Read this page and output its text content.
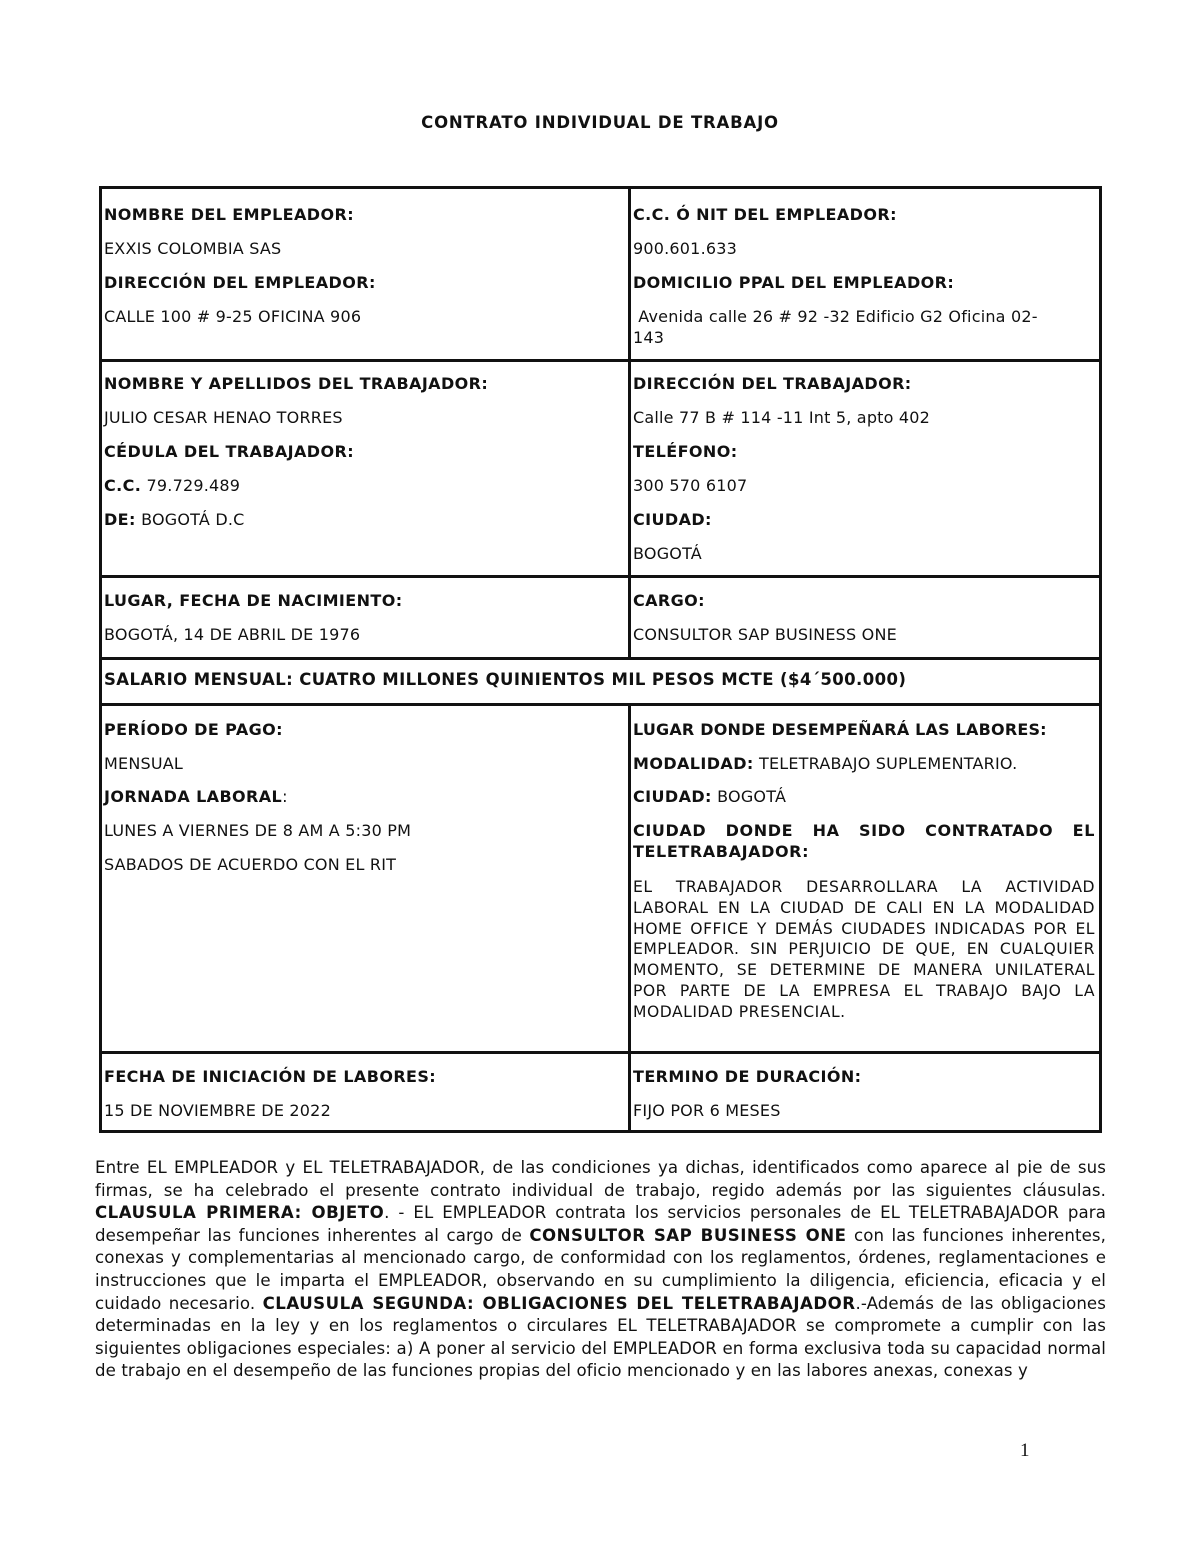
CONTRATO INDIVIDUAL DE TRABAJO
NOMBRE DEL EMPLEADOR:
EXXIS COLOMBIA SAS
DIRECCIÓN DEL EMPLEADOR:
CALLE 100 # 9-25 OFICINA 906
C.C. Ó NIT DEL EMPLEADOR:
900.601.633
DOMICILIO PPAL DEL EMPLEADOR:
Avenida calle 26 # 92 -32 Edificio G2 Oficina 02-
143
NOMBRE Y APELLIDOS DEL TRABAJADOR:
JULIO CESAR HENAO TORRES
CÉDULA DEL TRABAJADOR:
C.C. 79.729.489
DE: BOGOTÁ D.C
DIRECCIÓN DEL TRABAJADOR:
Calle 77 B # 114 -11 Int 5, apto 402
TELÉFONO:
300 570 6107
CIUDAD:
BOGOTÁ
LUGAR, FECHA DE NACIMIENTO:
BOGOTÁ, 14 DE ABRIL DE 1976
CARGO:
CONSULTOR SAP BUSINESS ONE
SALARIO MENSUAL: CUATRO MILLONES QUINIENTOS MIL PESOS MCTE ($4´500.000)
PERÍODO DE PAGO:
MENSUAL
JORNADA LABORAL:
LUNES A VIERNES DE 8 AM A 5:30 PM
SABADOS DE ACUERDO CON EL RIT
LUGAR DONDE DESEMPEÑARÁ LAS LABORES:
MODALIDAD: TELETRABAJO SUPLEMENTARIO.
CIUDAD: BOGOTÁ
CIUDAD DONDE HA SIDO CONTRATADO EL TELETRABAJADOR:
EL TRABAJADOR DESARROLLARA LA ACTIVIDAD LABORAL EN LA CIUDAD DE CALI EN LA MODALIDAD HOME OFFICE Y DEMÁS CIUDADES INDICADAS POR EL EMPLEADOR. SIN PERJUICIO DE QUE, EN CUALQUIER MOMENTO, SE DETERMINE DE MANERA UNILATERAL POR PARTE DE LA EMPRESA EL TRABAJO BAJO LA MODALIDAD PRESENCIAL.
FECHA DE INICIACIÓN DE LABORES:
15 DE NOVIEMBRE DE 2022
TERMINO DE DURACIÓN:
FIJO POR 6 MESES
Entre EL EMPLEADOR y EL TELETRABAJADOR, de las condiciones ya dichas, identificados como aparece al pie de sus firmas, se ha celebrado el presente contrato individual de trabajo, regido además por las siguientes cláusulas. CLAUSULA PRIMERA: OBJETO. - EL EMPLEADOR contrata los servicios personales de EL TELETRABAJADOR para desempeñar las funciones inherentes al cargo de CONSULTOR SAP BUSINESS ONE con las funciones inherentes, conexas y complementarias al mencionado cargo, de conformidad con los reglamentos, órdenes, reglamentaciones e instrucciones que le imparta el EMPLEADOR, observando en su cumplimiento la diligencia, eficiencia, eficacia y el cuidado necesario. CLAUSULA SEGUNDA: OBLIGACIONES DEL TELETRABAJADOR.-Además de las obligaciones determinadas en la ley y en los reglamentos o circulares EL TELETRABAJADOR se compromete a cumplir con las siguientes obligaciones especiales: a) A poner al servicio del EMPLEADOR en forma exclusiva toda su capacidad normal de trabajo en el desempeño de las funciones propias del oficio mencionado y en las labores anexas, conexas y
1
